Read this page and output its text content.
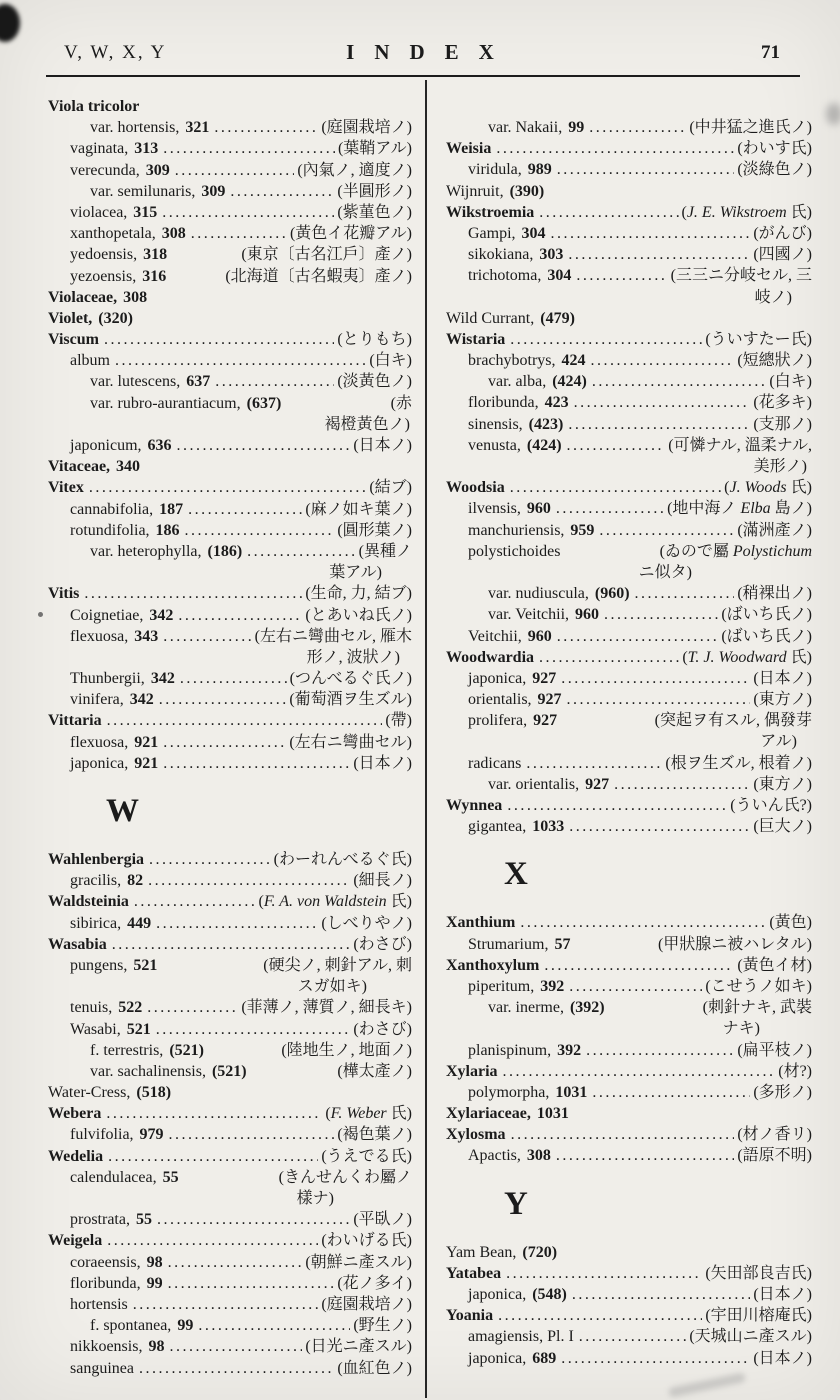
V, W, X, Y	INDEX	71
Viola tricolor
var. hortensis, 321 .....	(庭園栽培ノ)
vaginata, 313 .....	(葉鞘アル)
verecunda, 309 .....	(內氣ノ, 適度ノ)
var. semilunaris, 309 .....	(半圓形ノ)
violacea, 315 .....	(紫菫色ノ)
xanthopetala, 308 .....	(黃色イ花瓣アル)
yedoensis, 318	(東京〔古名江戶〕產ノ)
yezoensis, 316	(北海道〔古名蝦夷〕產ノ)
Violaceae, 308
Violet, (320)
Viscum .....	(とりもち)
album .....	(白キ)
var. lutescens, 637 .....	(淡黃色ノ)
var. rubro-aurantiacum, (637)	(赤
褐橙黃色ノ)
japonicum, 636 .....	(日本ノ)
Vitaceae, 340
Vitex .....	(結ブ)
cannabifolia, 187 .....	(麻ノ如キ葉ノ)
rotundifolia, 186 .....	(圓形葉ノ)
var. heterophylla, (186) .....	(異種ノ
葉アル)
Vitis .....	(生命, 力, 結ブ)
Coignetiae, 342 .....	(とあいね氏ノ)
flexuosa, 343 .....	(左右ニ彎曲セル, 雁木
形ノ, 波狀ノ)
Thunbergii, 342 .....	(つんべるぐ氏ノ)
vinifera, 342 .....	(葡萄酒ヲ生ズル)
Vittaria .....	(帶)
flexuosa, 921 .....	(左右ニ彎曲セル)
japonica, 921 .....	(日本ノ)
W
Wahlenbergia .....	(わーれんべるぐ氏)
gracilis, 82 .....	(細長ノ)
Waldsteinia .....	(F. A. von Waldstein 氏)
sibirica, 449 .....	(しべりやノ)
Wasabia .....	(わさび)
pungens, 521	(硬尖ノ, 刺針アル, 刺
スガ如キ)
tenuis, 522 .....	(菲薄ノ, 薄質ノ, 細長キ)
Wasabi, 521 .....	(わさび)
f. terrestris, (521)	(陸地生ノ, 地面ノ)
var. sachalinensis, (521)	(樺太產ノ)
Water-Cress, (518)
Webera .....	(F. Weber 氏)
fulvifolia, 979 .....	(褐色葉ノ)
Wedelia .....	(うえでる氏)
calendulacea, 55	(きんせんくわ屬ノ
樣ナ)
prostrata, 55 .....	(平臥ノ)
Weigela .....	(わいげる氏)
coraeensis, 98 .....	(朝鮮ニ產スル)
floribunda, 99 .....	(花ノ多イ)
hortensis .....	(庭園栽培ノ)
f. spontanea, 99 .....	(野生ノ)
nikkoensis, 98 .....	(日光ニ產スル)
sanguinea .....	(血紅色ノ)
var. Nakaii, 99 .....	(中井猛之進氏ノ)
Weisia .....	(わいす氏)
viridula, 989 .....	(淡綠色ノ)
Wijnruit, (390)
Wikstroemia .....	(J. E. Wikstroem 氏)
Gampi, 304 .....	(がんび)
sikokiana, 303 .....	(四國ノ)
trichotoma, 304 .....	(三三ニ分岐セル, 三
岐ノ)
Wild Currant, (479)
Wistaria .....	(ういすたー氏)
brachybotrys, 424 .....	(短總狀ノ)
var. alba, (424) .....	(白キ)
floribunda, 423 .....	(花多キ)
sinensis, (423) .....	(支那ノ)
venusta, (424) .....	(可憐ナル, 溫柔ナル,
美形ノ)
Woodsia .....	(J. Woods 氏)
ilvensis, 960 .....	(地中海ノ Elba 島ノ)
manchuriensis, 959 .....	(滿洲產ノ)
polystichoides	(ゐので屬 Polystichum
ニ似タ)
var. nudiuscula, (960) .....	(稍裸出ノ)
var. Veitchii, 960 .....	(ばいち氏ノ)
Veitchii, 960 .....	(ばいち氏ノ)
Woodwardia .....	(T. J. Woodward 氏)
japonica, 927 .....	(日本ノ)
orientalis, 927 .....	(東方ノ)
prolifera, 927	(突起ヲ有スル, 偶發芽
アル)
radicans .....	(根ヲ生ズル, 根着ノ)
var. orientalis, 927 .....	(東方ノ)
Wynnea .....	(ういん氏?)
gigantea, 1033 .....	(巨大ノ)
X
Xanthium .....	(黃色)
Strumarium, 57	(甲狀腺ニ被ハレタル)
Xanthoxylum .....	(黃色イ材)
piperitum, 392 .....	(こせうノ如キ)
var. inerme, (392)	(刺針ナキ, 武裝
ナキ)
planispinum, 392 .....	(扁平枝ノ)
Xylaria .....	(材?)
polymorpha, 1031 .....	(多形ノ)
Xylariaceae, 1031
Xylosma .....	(材ノ香リ)
Apactis, 308 .....	(語原不明)
Y
Yam Bean, (720)
Yatabea .....	(矢田部良吉氏)
japonica, (548) .....	(日本ノ)
Yoania .....	(宇田川榕庵氏)
amagiensis, Pl. I .....	(天城山ニ產スル)
japonica, 689 .....	(日本ノ)
